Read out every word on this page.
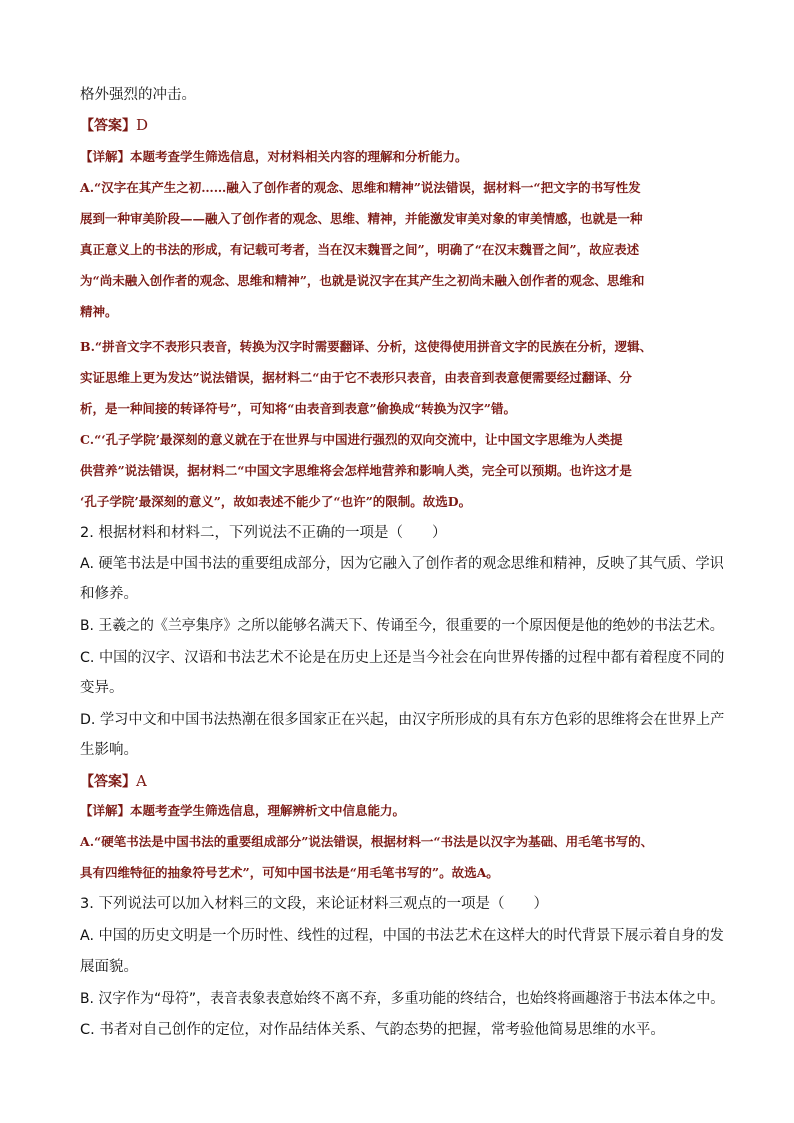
格外强烈的冲击。

【答案】D

【详解】本题考查学生筛选信息，对材料相关内容的理解和分析能力。

A.“汉字在其产生之初……融入了创作者的观念、思维和精神”说法错误，据材料一“把文字的书写性发

展到一种审美阶段——融入了创作者的观念、思维、精神，并能激发审美对象的审美情感，也就是一种

真正意义上的书法的形成，有记载可考者，当在汉末魏晋之间”，明确了“在汉末魏晋之间”，故应表述

为“尚未融入创作者的观念、思维和精神”，也就是说汉字在其产生之初尚未融入创作者的观念、思维和

精神。

B.“拼音文字不表形只表音，转换为汉字时需要翻译、分析，这使得使用拼音文字的民族在分析，逻辑、

实证思维上更为发达”说法错误，据材料二“由于它不表形只表音，由表音到表意便需要经过翻译、分

析，是一种间接的转译符号”，可知将“由表音到表意”偷换成“转换为汉字”错。

C.“‘孔子学院’最深刻的意义就在于在世界与中国进行强烈的双向交流中，让中国文字思维为人类提

供营养”说法错误，据材料二“中国文字思维将会怎样地营养和影响人类，完全可以预期。也许这才是

‘孔子学院’最深刻的意义”，故如表述不能少了“也许”的限制。故选D。

2. 根据材料和材料二，下列说法不正确的一项是（　　）

A. 硬笔书法是中国书法的重要组成部分，因为它融入了创作者的观念思维和精神，反映了其气质、学识

和修养。

B. 王羲之的《兰亭集序》之所以能够名满天下、传诵至今，很重要的一个原因便是他的绝妙的书法艺术。

C. 中国的汉字、汉语和书法艺术不论是在历史上还是当今社会在向世界传播的过程中都有着程度不同的

变异。

D. 学习中文和中国书法热潮在很多国家正在兴起，由汉字所形成的具有东方色彩的思维将会在世界上产

生影响。

【答案】A

【详解】本题考查学生筛选信息，理解辨析文中信息能力。

A.“硬笔书法是中国书法的重要组成部分”说法错误，根据材料一“书法是以汉字为基础、用毛笔书写的、

具有四维特征的抽象符号艺术”，可知中国书法是“用毛笔书写的”。故选A。

3. 下列说法可以加入材料三的文段，来论证材料三观点的一项是（　　）

A. 中国的历史文明是一个历时性、线性的过程，中国的书法艺术在这样大的时代背景下展示着自身的发

展面貌。

B. 汉字作为“母符”，表音表象表意始终不离不弃，多重功能的终结合，也始终将画趣溶于书法本体之中。

C. 书者对自己创作的定位，对作品结体关系、气韵态势的把握，常考验他简易思维的水平。
